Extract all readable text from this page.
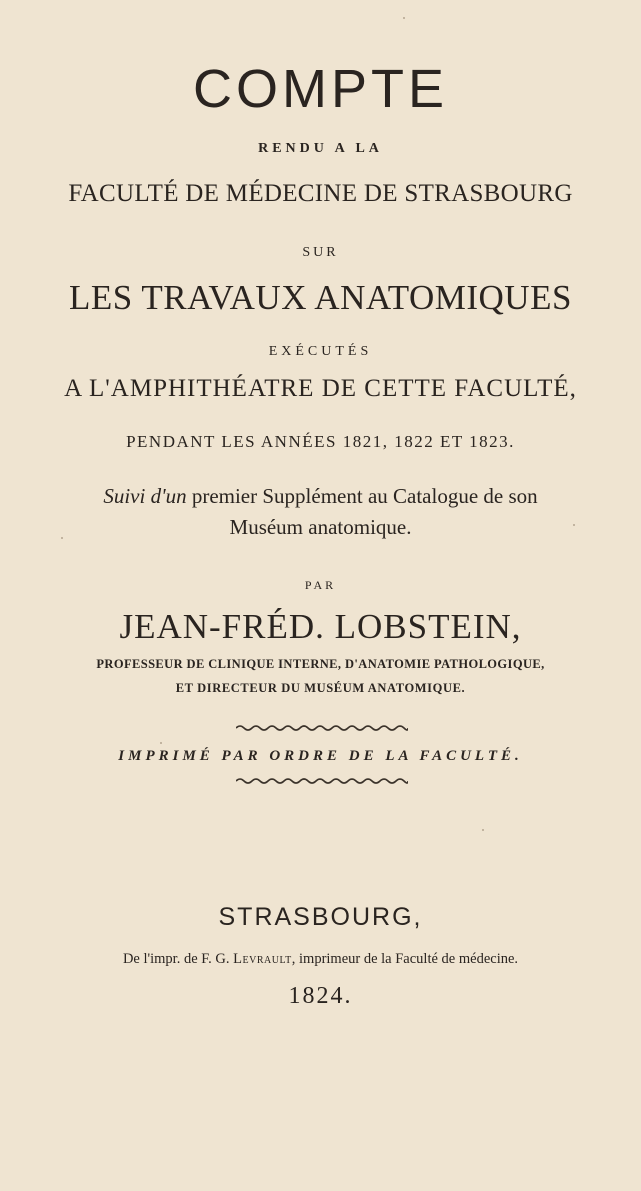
COMPTE
RENDU A LA
FACULTÉ DE MÉDECINE DE STRASBOURG
SUR
LES TRAVAUX ANATOMIQUES
EXÉCUTÉS
A L'AMPHITHÉATRE DE CETTE FACULTÉ,
PENDANT LES ANNÉES 1821, 1822 ET 1823.
Suivi d'un premier Supplément au Catalogue de son
Muséum anatomique.
PAR
JEAN-FRÉD. LOBSTEIN,
PROFESSEUR DE CLINIQUE INTERNE, D'ANATOMIE PATHOLOGIQUE,
ET DIRECTEUR DU MUSÉUM ANATOMIQUE.
IMPRIMÉ PAR ORDRE DE LA FACULTÉ.
STRASBOURG,
De l'impr. de F. G. Levrault, imprimeur de la Faculté de médecine.
1824.
